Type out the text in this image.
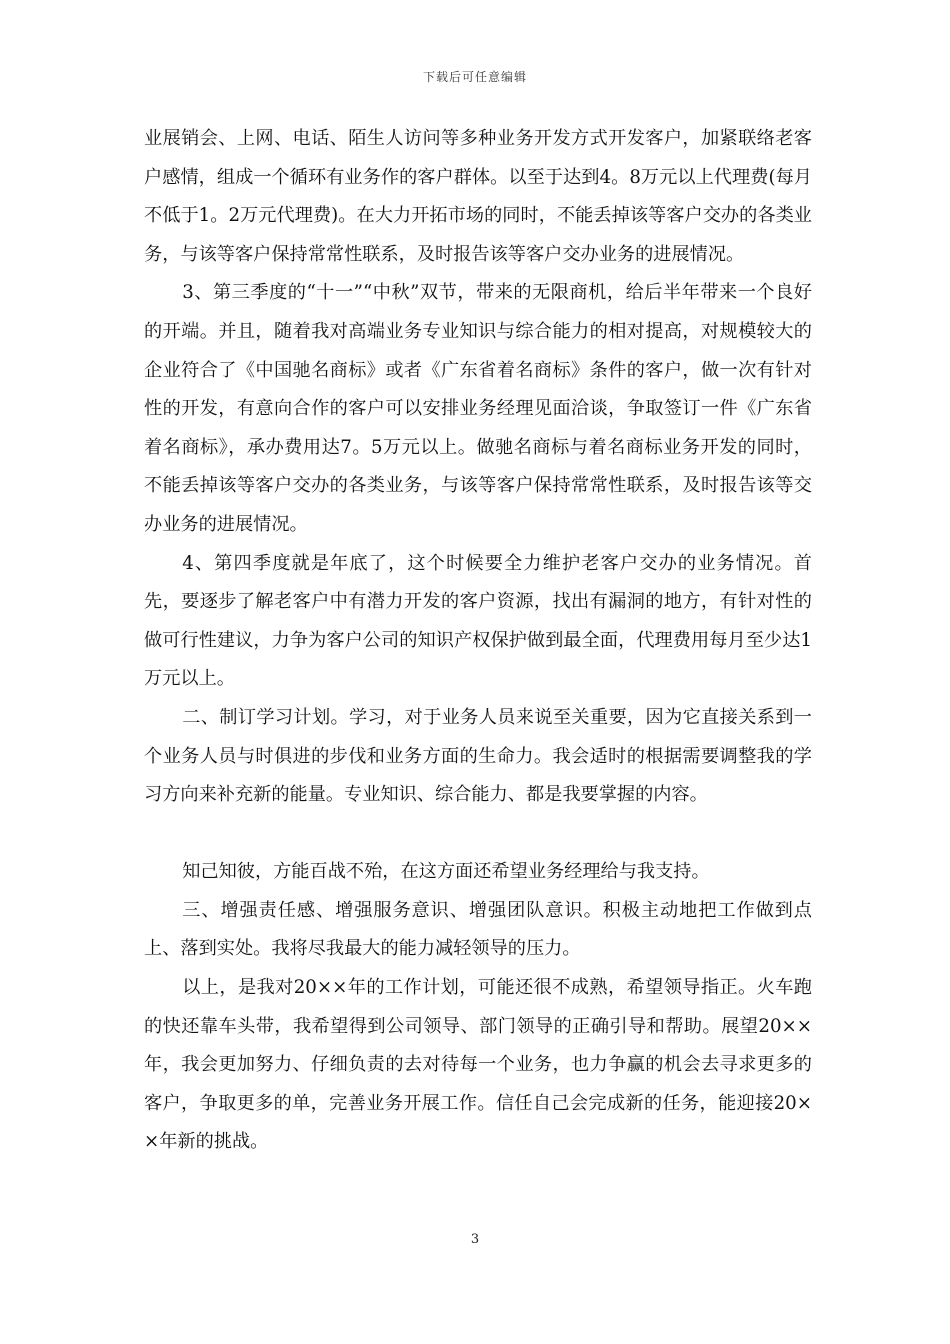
下载后可任意编辑

业展销会、上网、电话、陌生人访问等多种业务开发方式开发客户，加紧联络老客户感情，组成一个循环有业务作的客户群体。以至于达到4。8万元以上代理费(每月不低于1。2万元代理费)。在大力开拓市场的同时，不能丢掉该等客户交办的各类业务，与该等客户保持常常性联系，及时报告该等客户交办业务的进展情况。

3、第三季度的“十一”“中秋”双节，带来的无限商机，给后半年带来一个良好的开端。并且，随着我对高端业务专业知识与综合能力的相对提高，对规模较大的企业符合了《中国驰名商标》或者《广东省着名商标》条件的客户，做一次有针对性的开发，有意向合作的客户可以安排业务经理见面洽谈，争取签订一件《广东省着名商标》，承办费用达7。5万元以上。做驰名商标与着名商标业务开发的同时，不能丢掉该等客户交办的各类业务，与该等客户保持常常性联系，及时报告该等交办业务的进展情况。

4、第四季度就是年底了，这个时候要全力维护老客户交办的业务情况。首先，要逐步了解老客户中有潜力开发的客户资源，找出有漏洞的地方，有针对性的做可行性建议，力争为客户公司的知识产权保护做到最全面，代理费用每月至少达1万元以上。

二、制订学习计划。学习，对于业务人员来说至关重要，因为它直接关系到一个业务人员与时俱进的步伐和业务方面的生命力。我会适时的根据需要调整我的学习方向来补充新的能量。专业知识、综合能力、都是我要掌握的内容。

知己知彼，方能百战不殆，在这方面还希望业务经理给与我支持。

三、增强责任感、增强服务意识、增强团队意识。积极主动地把工作做到点上、落到实处。我将尽我最大的能力减轻领导的压力。

以上，是我对20××年的工作计划，可能还很不成熟，希望领导指正。火车跑的快还靠车头带，我希望得到公司领导、部门领导的正确引导和帮助。展望20××年，我会更加努力、仔细负责的去对待每一个业务，也力争赢的机会去寻求更多的客户，争取更多的单，完善业务开展工作。信任自己会完成新的任务，能迎接20××年新的挑战。

3
